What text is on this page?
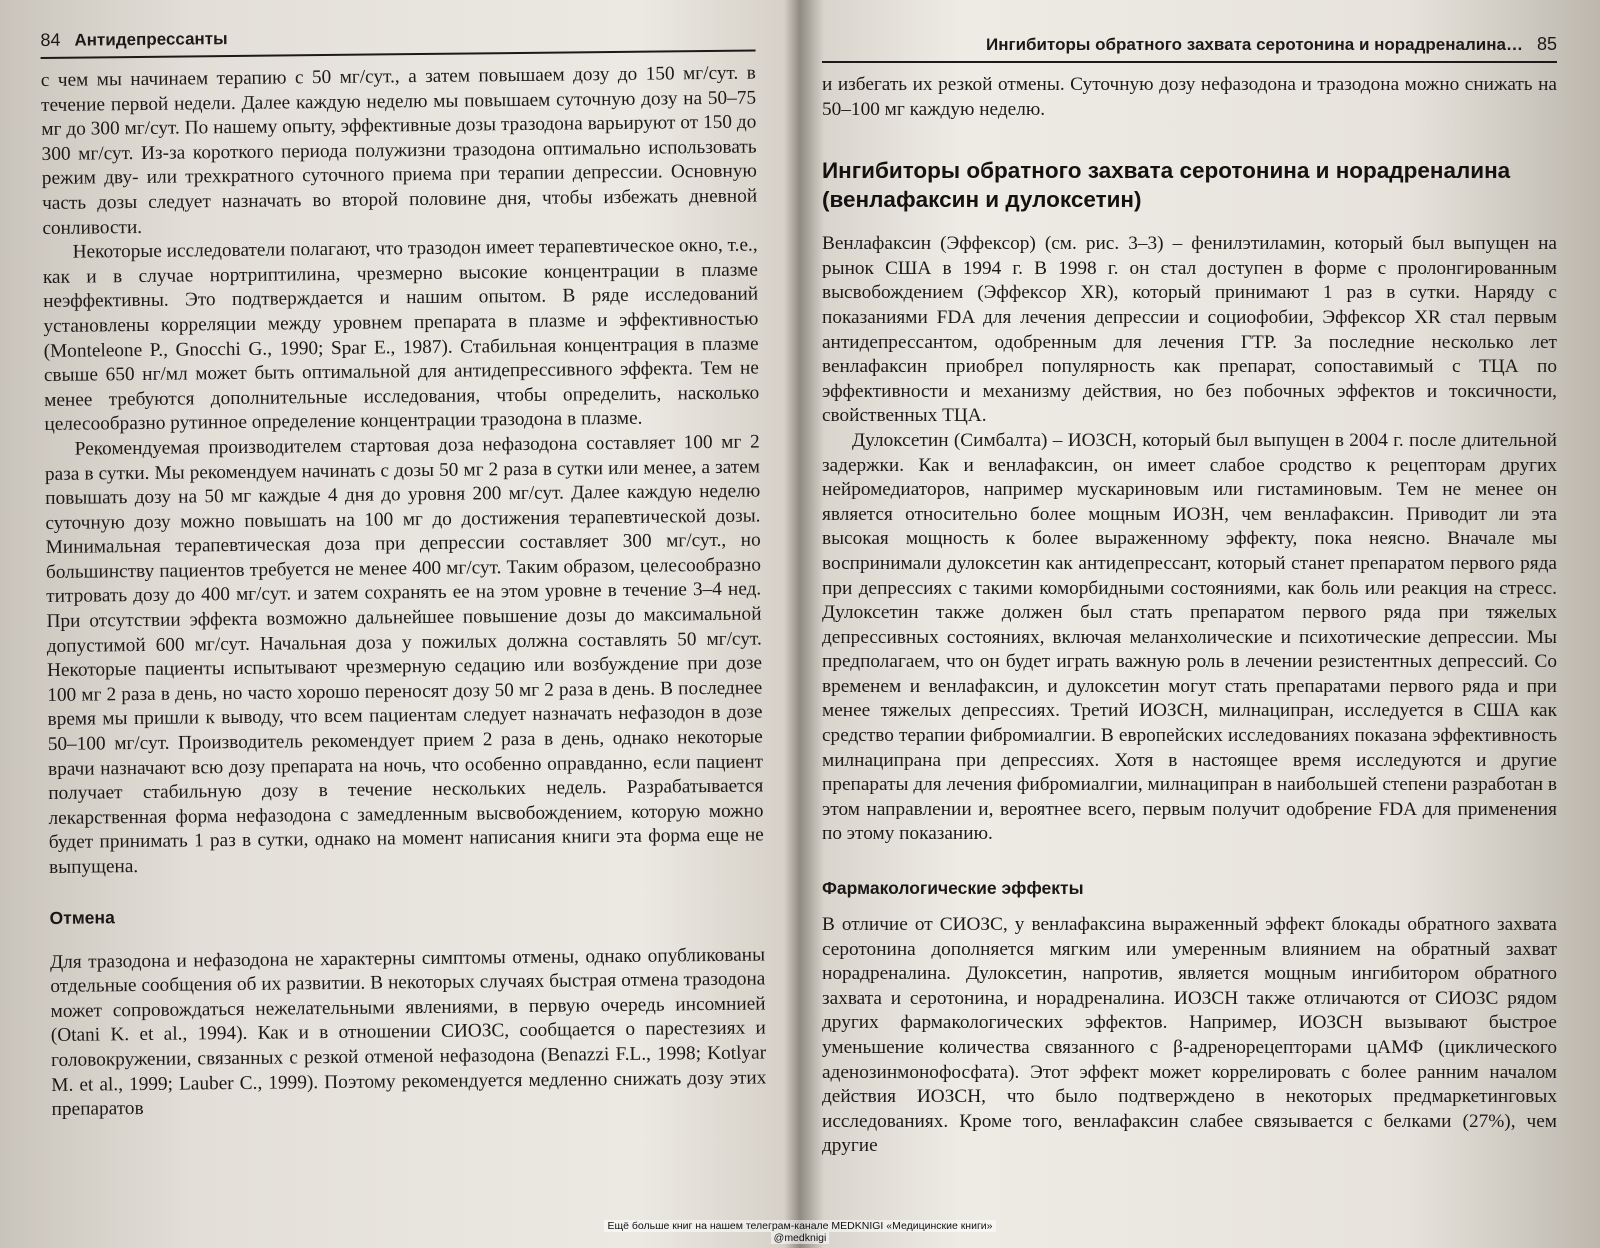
84 Антидепрессанты

с чем мы начинаем терапию с 50 мг/сут., а затем повышаем дозу до 150 мг/сут. в течение первой недели. Далее каждую неделю мы повышаем суточную дозу на 50–75 мг до 300 мг/сут. По нашему опыту, эффективные дозы тразодона варьируют от 150 до 300 мг/сут. Из-за короткого периода полужизни тразодона оптимально использовать режим дву- или трехкратного суточного приема при терапии депрессии. Основную часть дозы следует назначать во второй половине дня, чтобы избежать дневной сонливости.

Некоторые исследователи полагают, что тразодон имеет терапевтическое окно, т.е., как и в случае нортриптилина, чрезмерно высокие концентрации в плазме неэффективны. Это подтверждается и нашим опытом. В ряде исследований установлены корреляции между уровнем препарата в плазме и эффективностью (Monteleone P., Gnocchi G., 1990; Spar E., 1987). Стабильная концентрация в плазме свыше 650 нг/мл может быть оптимальной для антидепрессивного эффекта. Тем не менее требуются дополнительные исследования, чтобы определить, насколько целесообразно рутинное определение концентрации тразодона в плазме.

Рекомендуемая производителем стартовая доза нефазодона составляет 100 мг 2 раза в сутки. Мы рекомендуем начинать с дозы 50 мг 2 раза в сутки или менее, а затем повышать дозу на 50 мг каждые 4 дня до уровня 200 мг/сут. Далее каждую неделю суточную дозу можно повышать на 100 мг до достижения терапевтической дозы. Минимальная терапевтическая доза при депрессии составляет 300 мг/сут., но большинству пациентов требуется не менее 400 мг/сут. Таким образом, целесообразно титровать дозу до 400 мг/сут. и затем сохранять ее на этом уровне в течение 3–4 нед. При отсутствии эффекта возможно дальнейшее повышение дозы до максимальной допустимой 600 мг/сут. Начальная доза у пожилых должна составлять 50 мг/сут. Некоторые пациенты испытывают чрезмерную седацию или возбуждение при дозе 100 мг 2 раза в день, но часто хорошо переносят дозу 50 мг 2 раза в день. В последнее время мы пришли к выводу, что всем пациентам следует назначать нефазодон в дозе 50–100 мг/сут. Производитель рекомендует прием 2 раза в день, однако некоторые врачи назначают всю дозу препарата на ночь, что особенно оправданно, если пациент получает стабильную дозу в течение нескольких недель. Разрабатывается лекарственная форма нефазодона с замедленным высвобождением, которую можно будет принимать 1 раз в сутки, однако на момент написания книги эта форма еще не выпущена.

Отмена

Для тразодона и нефазодона не характерны симптомы отмены, однако опубликованы отдельные сообщения об их развитии. В некоторых случаях быстрая отмена тразодона может сопровождаться нежелательными явлениями, в первую очередь инсомнией (Otani K. et al., 1994). Как и в отношении СИОЗС, сообщается о парестезиях и головокружении, связанных с резкой отменой нефазодона (Benazzi F.L., 1998; Kotlyar M. et al., 1999; Lauber C., 1999). Поэтому рекомендуется медленно снижать дозу этих препаратов

Ингибиторы обратного захвата серотонина и норадреналина… 85

и избегать их резкой отмены. Суточную дозу нефазодона и тразодона можно снижать на 50–100 мг каждую неделю.

Ингибиторы обратного захвата серотонина и норадреналина (венлафаксин и дулоксетин)

Венлафаксин (Эффексор) (см. рис. 3–3) – фенилэтиламин, который был выпущен на рынок США в 1994 г. В 1998 г. он стал доступен в форме с пролонгированным высвобождением (Эффексор XR), который принимают 1 раз в сутки. Наряду с показаниями FDA для лечения депрессии и социофобии, Эффексор XR стал первым антидепрессантом, одобренным для лечения ГТР. За последние несколько лет венлафаксин приобрел популярность как препарат, сопоставимый с ТЦА по эффективности и механизму действия, но без побочных эффектов и токсичности, свойственных ТЦА.

Дулоксетин (Симбалта) – ИОЗСН, который был выпущен в 2004 г. после длительной задержки. Как и венлафаксин, он имеет слабое сродство к рецепторам других нейромедиаторов, например мускариновым или гистаминовым. Тем не менее он является относительно более мощным ИОЗН, чем венлафаксин. Приводит ли эта высокая мощность к более выраженному эффекту, пока неясно. Вначале мы воспринимали дулоксетин как антидепрессант, который станет препаратом первого ряда при депрессиях с такими коморбидными состояниями, как боль или реакция на стресс. Дулоксетин также должен был стать препаратом первого ряда при тяжелых депрессивных состояниях, включая меланхолические и психотические депрессии. Мы предполагаем, что он будет играть важную роль в лечении резистентных депрессий. Со временем и венлафаксин, и дулоксетин могут стать препаратами первого ряда и при менее тяжелых депрессиях. Третий ИОЗСН, милнаципран, исследуется в США как средство терапии фибромиалгии. В европейских исследованиях показана эффективность милнаципрана при депрессиях. Хотя в настоящее время исследуются и другие препараты для лечения фибромиалгии, милнаципран в наибольшей степени разработан в этом направлении и, вероятнее всего, первым получит одобрение FDA для применения по этому показанию.

Фармакологические эффекты

В отличие от СИОЗС, у венлафаксина выраженный эффект блокады обратного захвата серотонина дополняется мягким или умеренным влиянием на обратный захват норадреналина. Дулоксетин, напротив, является мощным ингибитором обратного захвата и серотонина, и норадреналина. ИОЗСН также отличаются от СИОЗС рядом других фармакологических эффектов. Например, ИОЗСН вызывают быстрое уменьшение количества связанного с β-адренорецепторами цАМФ (циклического аденозинмонофосфата). Этот эффект может коррелировать с более ранним началом действия ИОЗСН, что было подтверждено в некоторых предмаркетинговых исследованиях. Кроме того, венлафаксин слабее связывается с белками (27%), чем другие

Ещё больше книг на нашем телеграм-канале MEDKNIGI «Медицинские книги»
@medknigi
